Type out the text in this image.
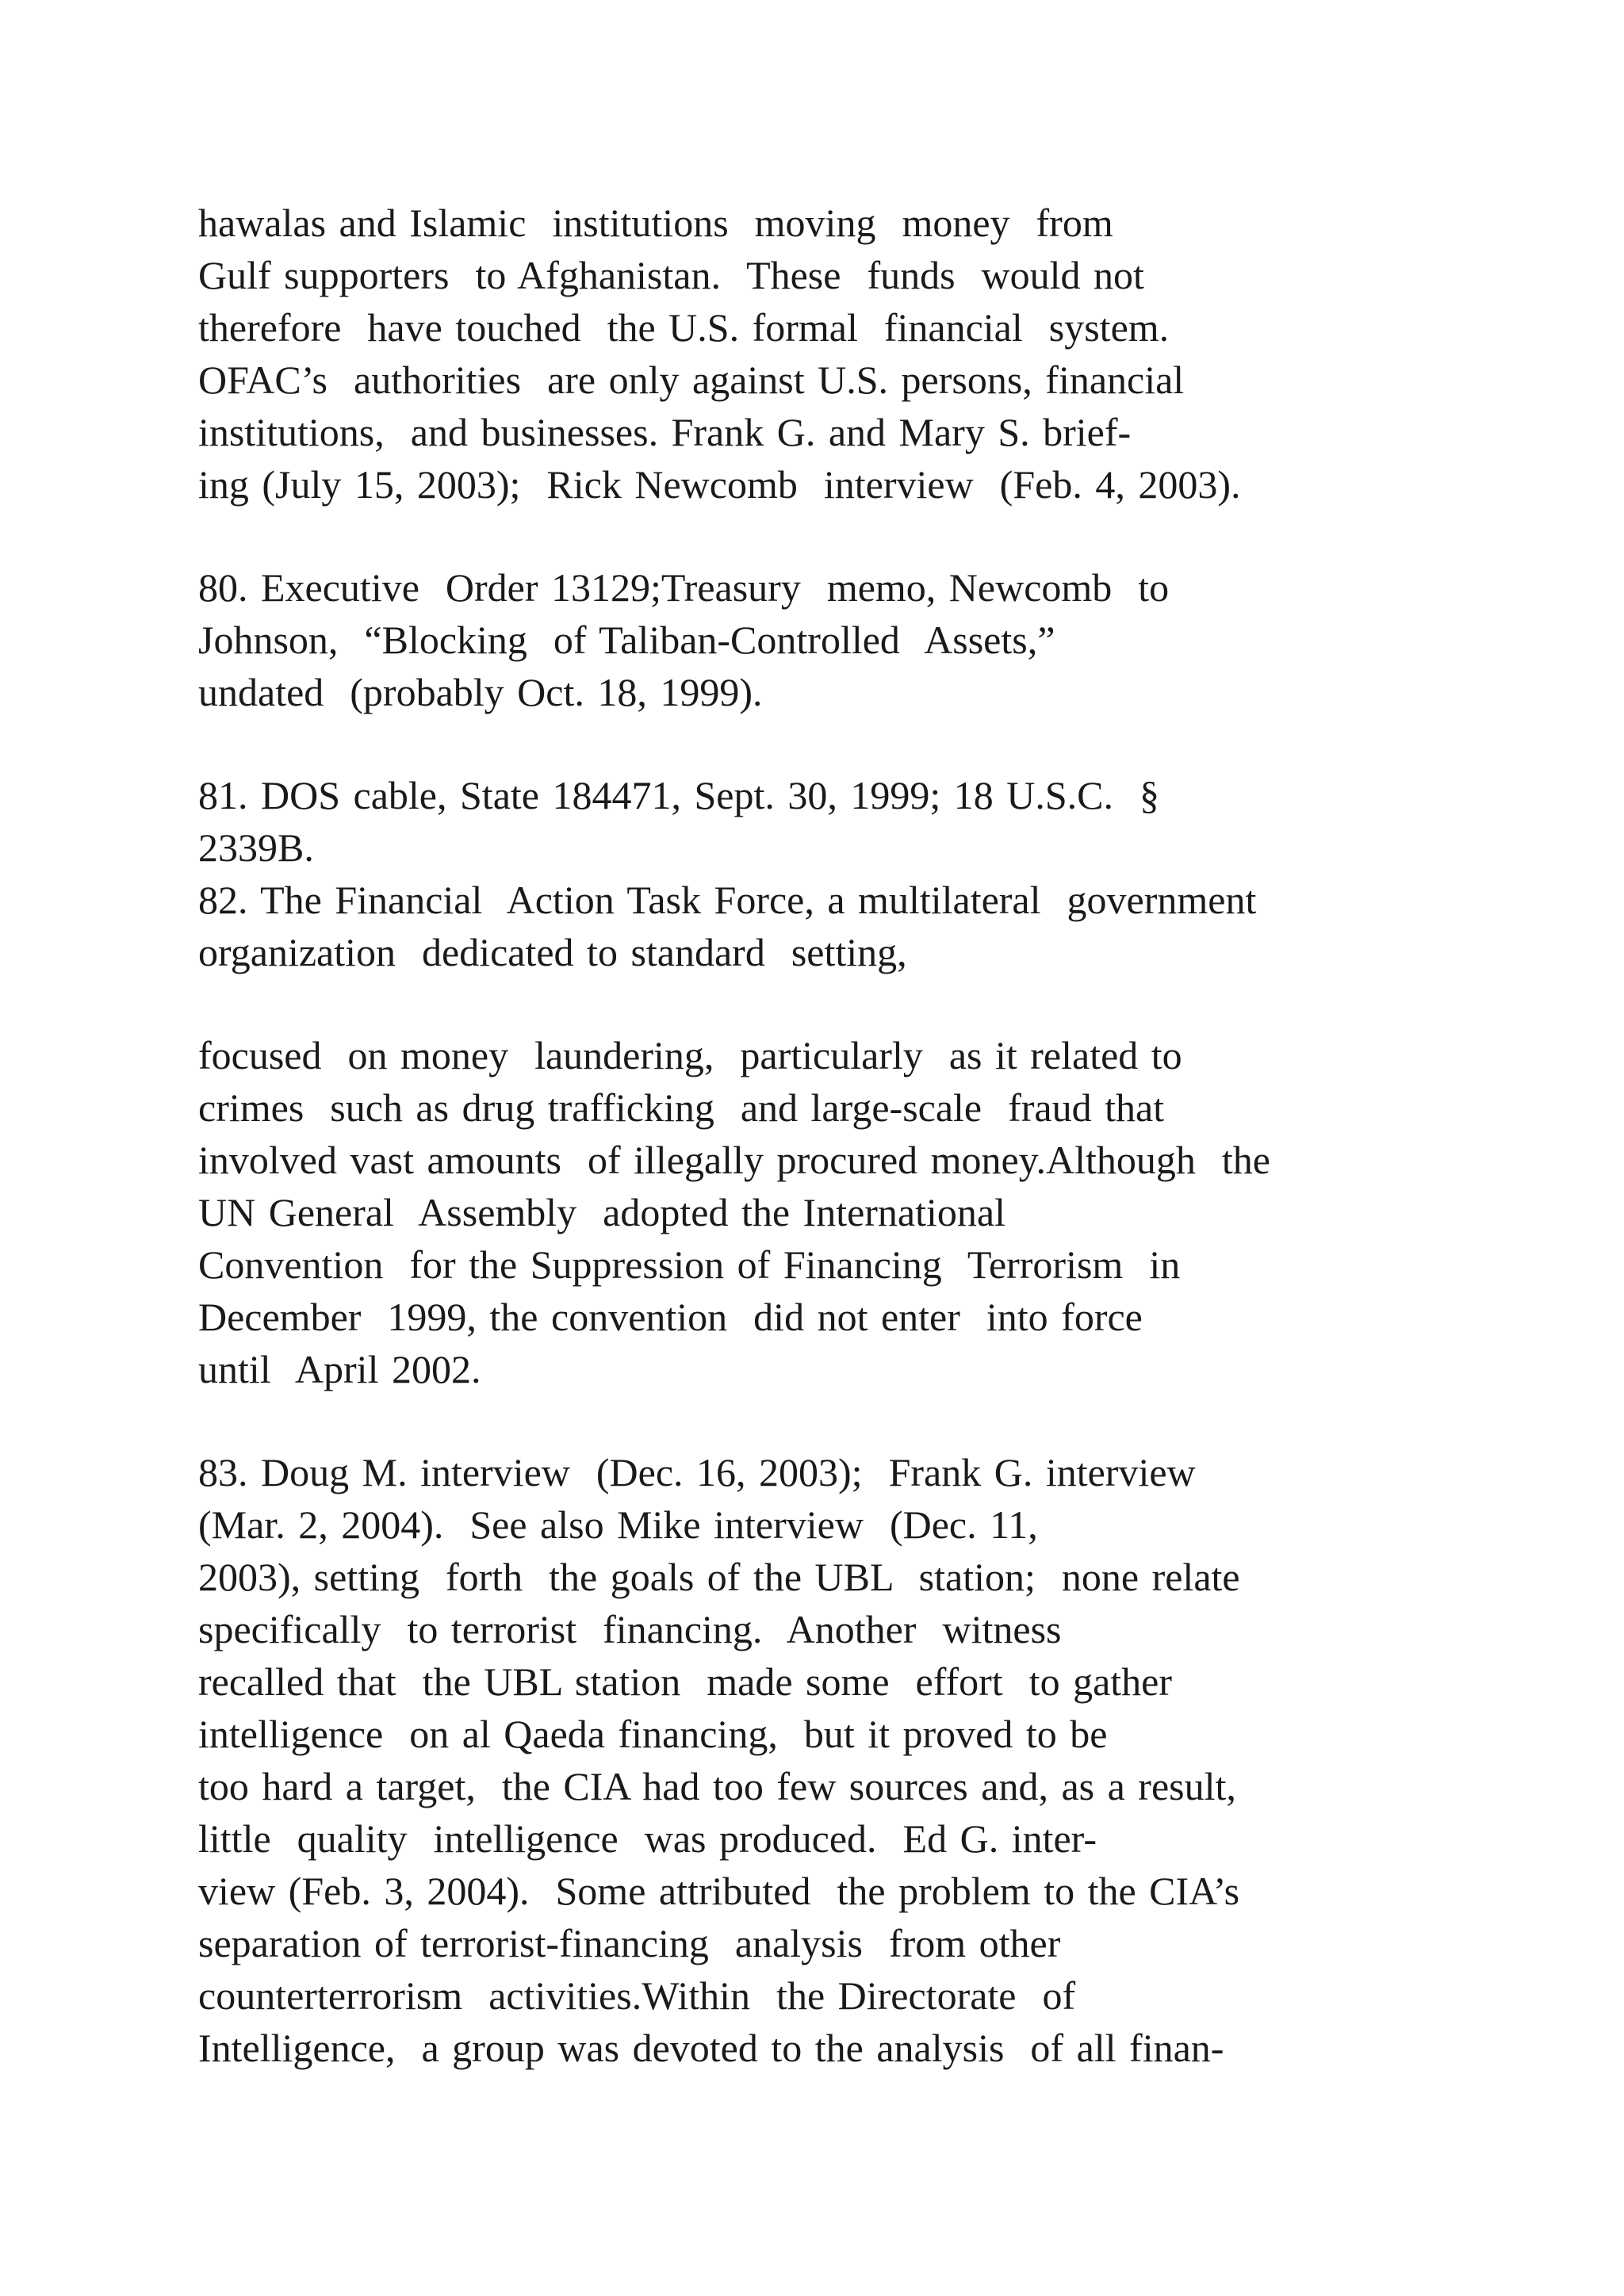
hawalas and Islamic  institutions  moving  money  from
Gulf supporters  to Afghanistan.  These  funds  would not
therefore  have touched  the U.S. formal  financial  system.
OFAC’s  authorities  are only against U.S. persons, financial
institutions,  and businesses. Frank G. and Mary S. brief-
ing (July 15, 2003);  Rick Newcomb  interview  (Feb. 4, 2003).
80. Executive  Order 13129;Treasury  memo, Newcomb  to
Johnson,  “Blocking  of Taliban-Controlled  Assets,”
undated  (probably Oct. 18, 1999).
81. DOS cable, State 184471, Sept. 30, 1999; 18 U.S.C.  §
2339B.
82. The Financial  Action Task Force, a multilateral  government
organization  dedicated to standard  setting,
focused  on money  laundering,  particularly  as it related to
crimes  such as drug trafficking  and large-scale  fraud that
involved vast amounts  of illegally procured money.Although  the
UN General  Assembly  adopted the International
Convention  for the Suppression of Financing  Terrorism  in
December  1999, the convention  did not enter  into force
until  April 2002.
83. Doug M. interview  (Dec. 16, 2003);  Frank G. interview
(Mar. 2, 2004).  See also Mike interview  (Dec. 11,
2003), setting  forth  the goals of the UBL  station;  none relate
specifically  to terrorist  financing.  Another  witness
recalled that  the UBL station  made some  effort  to gather
intelligence  on al Qaeda financing,  but it proved to be
too hard a target,  the CIA had too few sources and, as a result,
little  quality  intelligence  was produced.  Ed G. inter-
view (Feb. 3, 2004).  Some attributed  the problem to the CIA’s
separation of terrorist-financing  analysis  from other
counterterrorism  activities.Within  the Directorate  of
Intelligence,  a group was devoted to the analysis  of all finan-
